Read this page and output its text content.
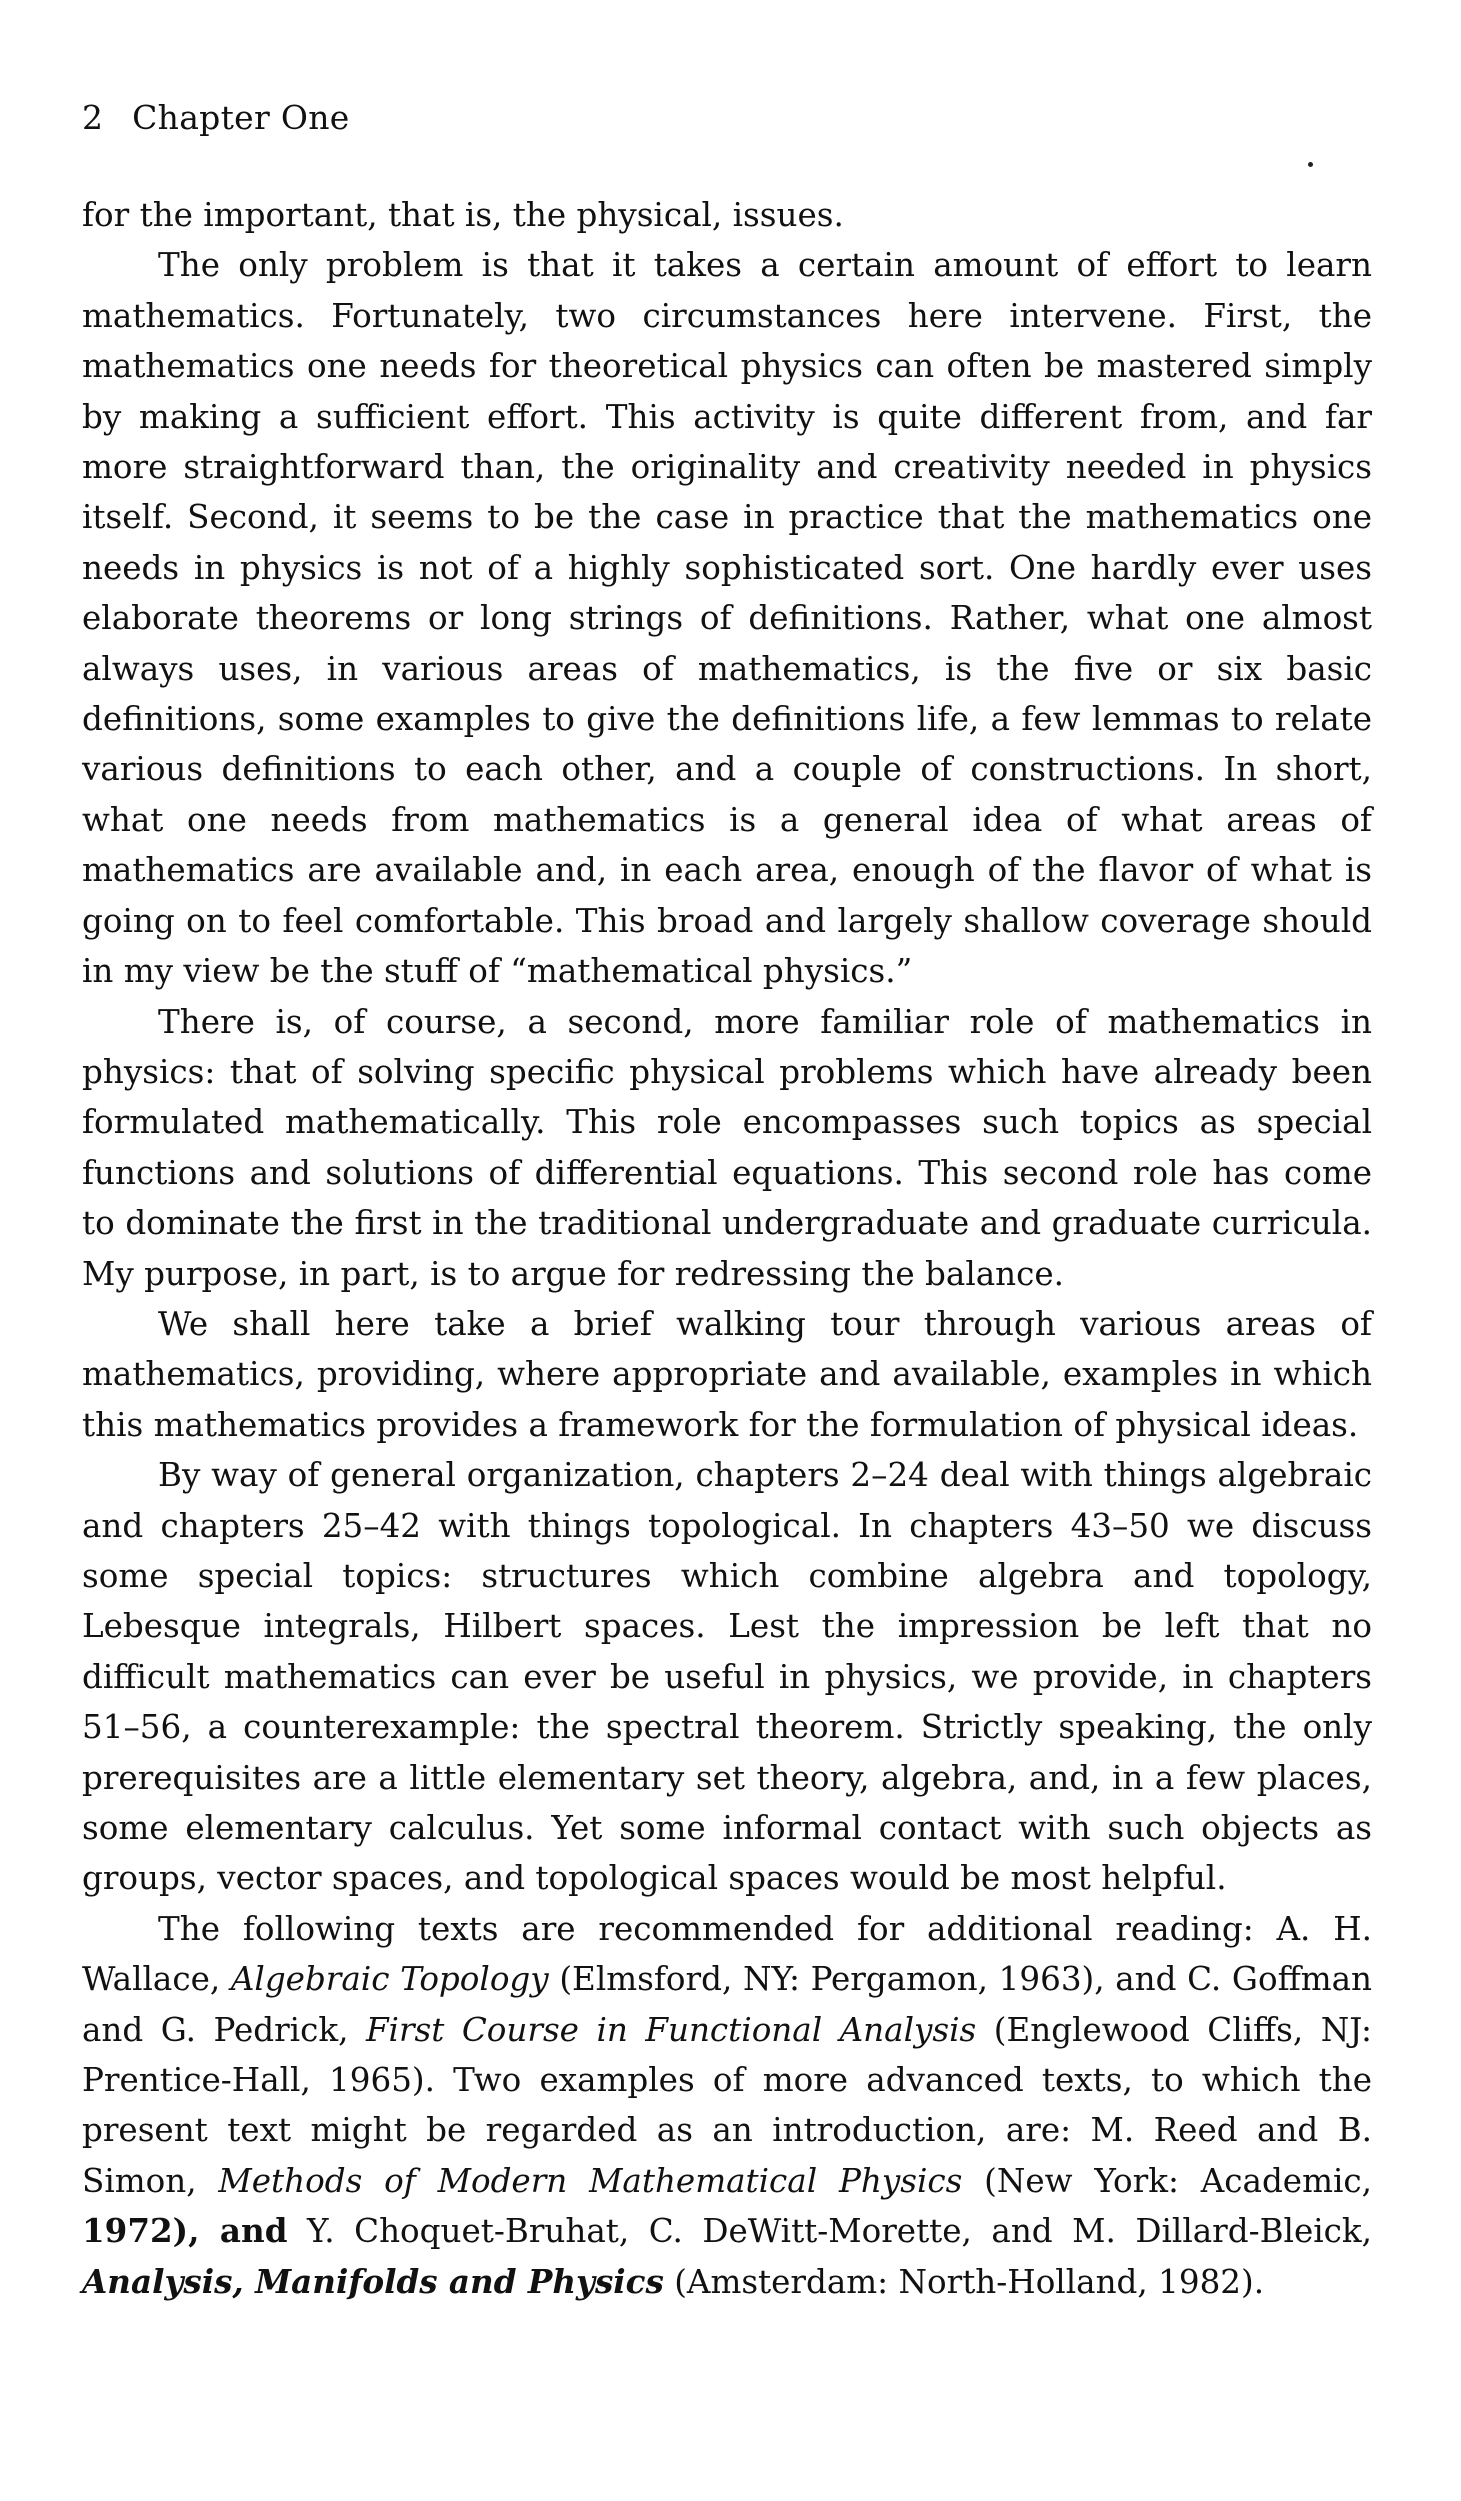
2 Chapter One

for the important, that is, the physical, issues.

The only problem is that it takes a certain amount of effort to learn mathematics. Fortunately, two circumstances here intervene. First, the mathematics one needs for theoretical physics can often be mastered simply by making a sufficient effort. This activity is quite different from, and far more straightforward than, the originality and creativity needed in physics itself. Second, it seems to be the case in practice that the mathematics one needs in physics is not of a highly sophisticated sort. One hardly ever uses elaborate theorems or long strings of definitions. Rather, what one almost always uses, in various areas of mathematics, is the five or six basic definitions, some examples to give the definitions life, a few lemmas to relate various definitions to each other, and a couple of constructions. In short, what one needs from mathematics is a general idea of what areas of mathematics are available and, in each area, enough of the flavor of what is going on to feel comfortable. This broad and largely shallow coverage should in my view be the stuff of “mathematical physics.”

There is, of course, a second, more familiar role of mathematics in physics: that of solving specific physical problems which have already been formulated mathematically. This role encompasses such topics as special functions and solutions of differential equations. This second role has come to dominate the first in the traditional undergraduate and graduate curricula. My purpose, in part, is to argue for redressing the balance.

We shall here take a brief walking tour through various areas of mathematics, providing, where appropriate and available, examples in which this mathematics provides a framework for the formulation of physical ideas.

By way of general organization, chapters 2–24 deal with things algebraic and chapters 25–42 with things topological. In chapters 43–50 we discuss some special topics: structures which combine algebra and topology, Lebesque integrals, Hilbert spaces. Lest the impression be left that no difficult mathematics can ever be useful in physics, we provide, in chapters 51–56, a counterexample: the spectral theorem. Strictly speaking, the only prerequisites are a little elementary set theory, algebra, and, in a few places, some elementary calculus. Yet some informal contact with such objects as groups, vector spaces, and topological spaces would be most helpful.

The following texts are recommended for additional reading: A. H. Wallace, Algebraic Topology (Elmsford, NY: Pergamon, 1963), and C. Goffman and G. Pedrick, First Course in Functional Analysis (Englewood Cliffs, NJ: Prentice-Hall, 1965). Two examples of more advanced texts, to which the present text might be regarded as an introduction, are: M. Reed and B. Simon, Methods of Modern Mathematical Physics (New York: Academic, 1972), and Y. Choquet-Bruhat, C. DeWitt-Morette, and M. Dillard-Bleick, Analysis, Manifolds and Physics (Amsterdam: North-Holland, 1982).
